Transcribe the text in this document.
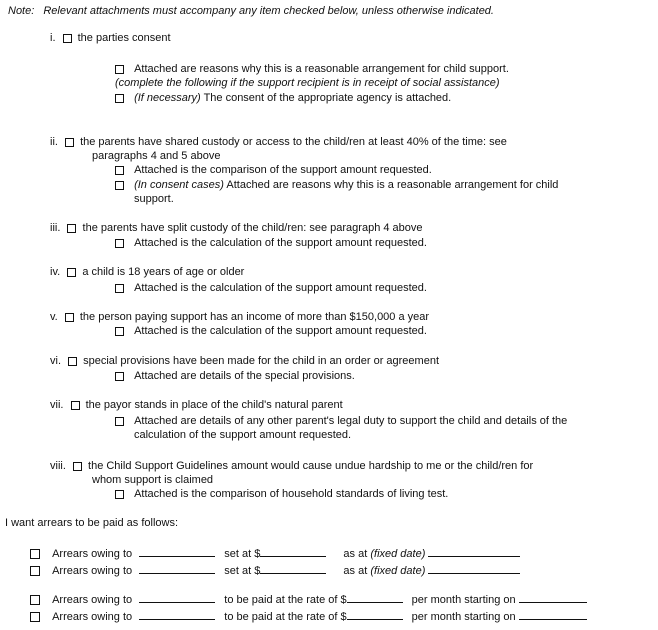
Note: Relevant attachments must accompany any item checked below, unless otherwise indicated.
i. the parties consent
Attached are reasons why this is a reasonable arrangement for child support.
(complete the following if the support recipient is in receipt of social assistance)
(If necessary) The consent of the appropriate agency is attached.
ii. the parents have shared custody or access to the child/ren at least 40% of the time: see
paragraphs 4 and 5 above
Attached is the comparison of the support amount requested.
(In consent cases) Attached are reasons why this is a reasonable arrangement for child
support.
iii. the parents have split custody of the child/ren: see paragraph 4 above
Attached is the calculation of the support amount requested.
iv. a child is 18 years of age or older
Attached is the calculation of the support amount requested.
v. the person paying support has an income of more than $150,000 a year
Attached is the calculation of the support amount requested.
vi. special provisions have been made for the child in an order or agreement
Attached are details of the special provisions.
vii. the payor stands in place of the child's natural parent
Attached are details of any other parent's legal duty to support the child and details of the
calculation of the support amount requested.
viii. the Child Support Guidelines amount would cause undue hardship to me or the child/ren for
whom support is claimed
Attached is the comparison of household standards of living test.
I want arrears to be paid as follows:
Arrears owing to	set at $	as at (fixed date)
Arrears owing to	set at $	as at (fixed date)
Arrears owing to	to be paid at the rate of $	per month starting on
Arrears owing to	to be paid at the rate of $	per month starting on
